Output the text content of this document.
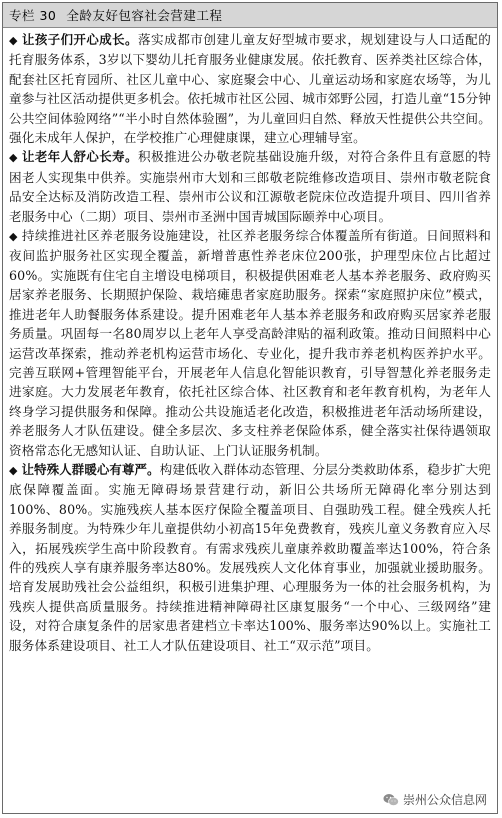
专栏 30 全龄友好包容社会营建工程

◆ 让孩子们开心成长。落实成都市创建儿童友好型城市要求，规划建设与人口适配的托育服务体系，3岁以下婴幼儿托育服务业健康发展。依托教育、医养类社区综合体，配套社区托育园所、社区儿童中心、家庭聚会中心、儿童运动场和家庭农场等，为儿童参与社区活动提供更多机会。依托城市社区公园、城市郊野公园，打造儿童“15分钟公共空间体验网络”“半小时自然体验圈”，为儿童回归自然、释放天性提供公共空间。强化未成年人保护，在学校推广心理健康课，建立心理辅导室。

◆ 让老年人舒心长寿。积极推进公办敬老院基础设施升级，对符合条件且有意愿的特困老人实现集中供养。实施崇州市大划和三郎敬老院维修改造项目、崇州市敬老院食品安全达标及消防改造工程、崇州市公议和江源敬老院床位改造提升项目、四川省养老服务中心（二期）项目、崇州市圣洲中国青城国际颐养中心项目。

◆ 持续推进社区养老服务设施建设，社区养老服务综合体覆盖所有街道。日间照料和夜间监护服务社区实现全覆盖，新增普惠性养老床位200张，护理型床位占比超过60%。实施既有住宅自主增设电梯项目，积极提供困难老人基本养老服务、政府购买居家养老服务、长期照护保险、栽培瘫患者家庭助服务。探索“家庭照护床位”模式，推进老年人助餐服务体系建设。提升困难老年人基本养老服务和政府购买居家养老服务质量。巩固每一名80周岁以上老年人享受高龄津贴的福利政策。推动日间照料中心运营改革探索，推动养老机构运营市场化、专业化，提升我市养老机构医养护水平。完善互联网+管理智能平台，开展老年人信息化智能识教育，引导智慧化养老服务走进家庭。大力发展老年教育，依托社区综合体、社区教育和老年教育机构，为老年人终身学习提供服务和保障。推动公共设施适老化改造，积极推进老年活动场所建设，养老服务人才队伍建设。健全多层次、多支柱养老保险体系，健全落实社保待遇领取资格常态化无感知认证、自助认证、上门认证服务机制。

◆ 让特殊人群暖心有尊严。构建低收入群体动态管理、分层分类救助体系，稳步扩大兜底保障覆盖面。实施无障碍场景营建行动，新旧公共场所无障碍化率分别达到100%、80%。实施残疾人基本医疗保险全覆盖项目、自强助残工程。健全残疾人托养服务制度。为特殊少年儿童提供幼小初高15年免费教育，残疾儿童义务教育应入尽入，拓展残疾学生高中阶段教育。有需求残疾儿童康养救助覆盖率达100%，符合条件的残疾人享有康养服务率达80%。发展残疾人文化体育事业，加强就业援助服务。培育发展助残社会公益组织，积极引进集护理、心理服务为一体的社会服务机构，为残疾人提供高质量服务。持续推进精神障碍社区康复服务“一个中心、三级网络”建设，对符合康复条件的居家患者建档立卡率达100%、服务率达90%以上。实施社工服务体系建设项目、社工人才队伍建设项目、社工“双示范”项目。

崇州公众信息网
